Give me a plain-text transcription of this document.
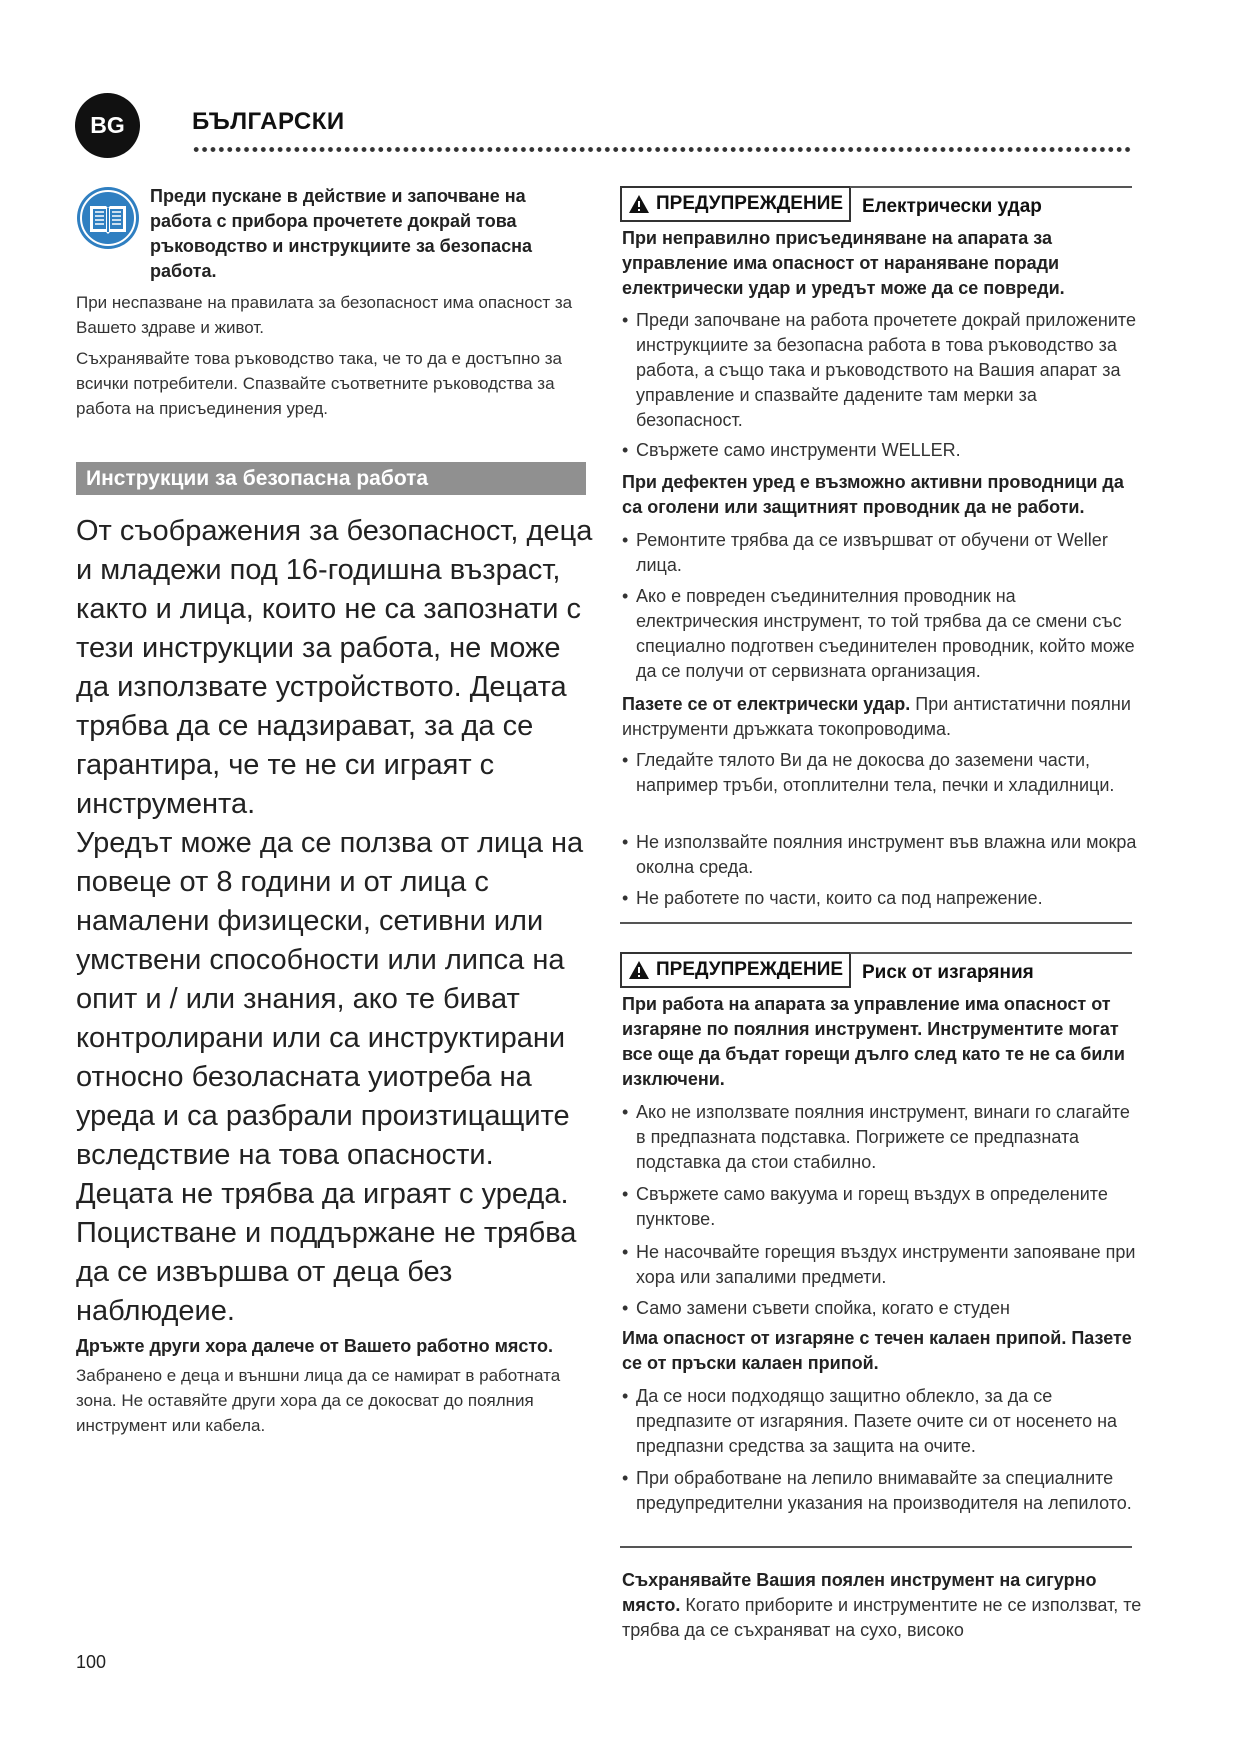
BG	БЪЛГАРСКИ
Преди пускане в действие и започване на работа с прибора прочетете докрай това ръководство и инструкциите за безопасна работа.

При неспазване на правилата за безопасност има опасност за Вашето здраве и живот.

Съхранявайте това ръководство така, че то да е достъпно за всички потребители. Спазвайте съответните ръководства за работа на присъединения уред.

Инструкции за безопасна работа

От съображения за безопасност, деца и младежи под 16-годишна възраст, както и лица, които не са запознати с тези инструкции за работа, не може да използвате устройството. Децата трябва да се надзирават, за да се гарантира, че те не си играят с инструмента.

Уредът може да се ползва от лица на повеце от 8 години и от лица с намалени физицески, сетивни или умствени способности или липса на опит и / или знания, ако те биват контролирани или са инструктирани относно безоласната уиотреба на уреда и са разбрали произтицащите вследствие на това опасности. Децата не трябва да играят с уреда.

Поцистване и поддържане не трябва да се извършва от деца без наблюдеие.

Дръжте други хора далече от Вашето работно място.
Забранено е деца и външни лица да се намират в работната зона. Не оставяйте други хора да се докосват до поялния инструмент или кабела.
100
ПРЕДУПРЕЖДЕНИЕ Електрически удар

При неправилно присъединяване на апарата за управление има опасност от нараняване поради електрически удар и уредът може да се повреди.

• Преди започване на работа прочетете докрай приложените инструкциите за безопасна работа в това ръководство за работа, а също така и ръководството на Вашия апарат за управление и спазвайте дадените там мерки за безопасност.

• Свържете само инструменти WELLER.

При дефектен уред е възможно активни проводници да са оголени или защитният проводник да не работи.

• Ремонтите трябва да се извършват от обучени от Weller лица.

• Ако е повреден съединителния проводник на електрическия инструмент, то той трябва да се смени със специално подготвен съединителен проводник, който може да се получи от сервизната организация.

Пазете се от електрически удар. При антистатични поялни инструменти дръжката токопроводима.

• Гледайте тялото Ви да не докосва до заземени части, например тръби, отоплителни тела, печки и хладилници.

• Не използвайте поялния инструмент във влажна или мокра околна среда.

• Не работете по части, които са под напрежение.

ПРЕДУПРЕЖДЕНИЕ Риск от изгаряния

При работа на апарата за управление има опасност от изгаряне по поялния инструмент. Инструментите могат все още да бъдат горещи дълго след като те не са били изключени.

• Ако не използвате поялния инструмент, винаги го слагайте в предпазната подставка. Погрижете се предпазната подставка да стои стабилно.

• Свържете само вакуума и горещ въздух в определените пунктове.

• Не насочвайте горещия въздух инструменти запояване при хора или запалими предмети.

• Само замени съвети спойка, когато е студен

Има опасност от изгаряне с течен калаен припой. Пазете се от пръски калаен припой.

• Да се носи подходящо защитно облекло, за да се предпазите от изгаряния. Пазете очите си от носенето на предпазни средства за защита на очите.

• При обработване на лепило внимавайте за специалните предупредителни указания на производителя на лепилото.

Съхранявайте Вашия поялен инструмент на сигурно място. Когато приборите и инструментите не се използват, те трябва да се съхраняват на сухо, високо
